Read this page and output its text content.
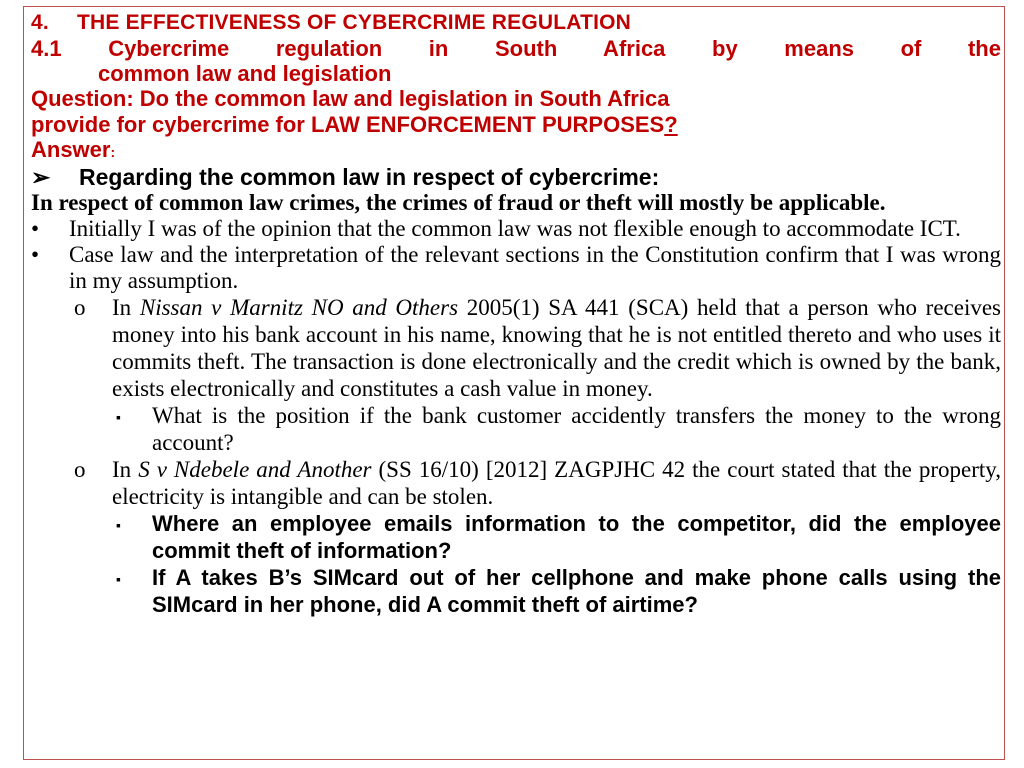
4. THE EFFECTIVENESS OF CYBERCRIME REGULATION
4.1 Cybercrime regulation in South Africa by means of the
common law and legislation
Question: Do the common law and legislation in South Africa
provide for cybercrime for LAW ENFORCEMENT PURPOSES?
Answer:
➢ Regarding the common law in respect of cybercrime:
In respect of common law crimes, the crimes of fraud or theft will mostly be applicable.
•	Initially I was of the opinion that the common law was not flexible enough to accommodate ICT.
•	Case law and the interpretation of the relevant sections in the Constitution confirm that I was wrong in my assumption.
o	In Nissan v Marnitz NO and Others 2005(1) SA 441 (SCA) held that a person who receives money into his bank account in his name, knowing that he is not entitled thereto and who uses it commits theft. The transaction is done electronically and the credit which is owned by the bank, exists electronically and constitutes a cash value in money.
▪	What is the position if the bank customer accidently transfers the money to the wrong account?
o	In S v Ndebele and Another (SS 16/10) [2012] ZAGPJHC 42 the court stated that the property, electricity is intangible and can be stolen.
▪	Where an employee emails information to the competitor, did the employee commit theft of information?
▪	If A takes B’s SIMcard out of her cellphone and make phone calls using the SIMcard in her phone, did A commit theft of airtime?
